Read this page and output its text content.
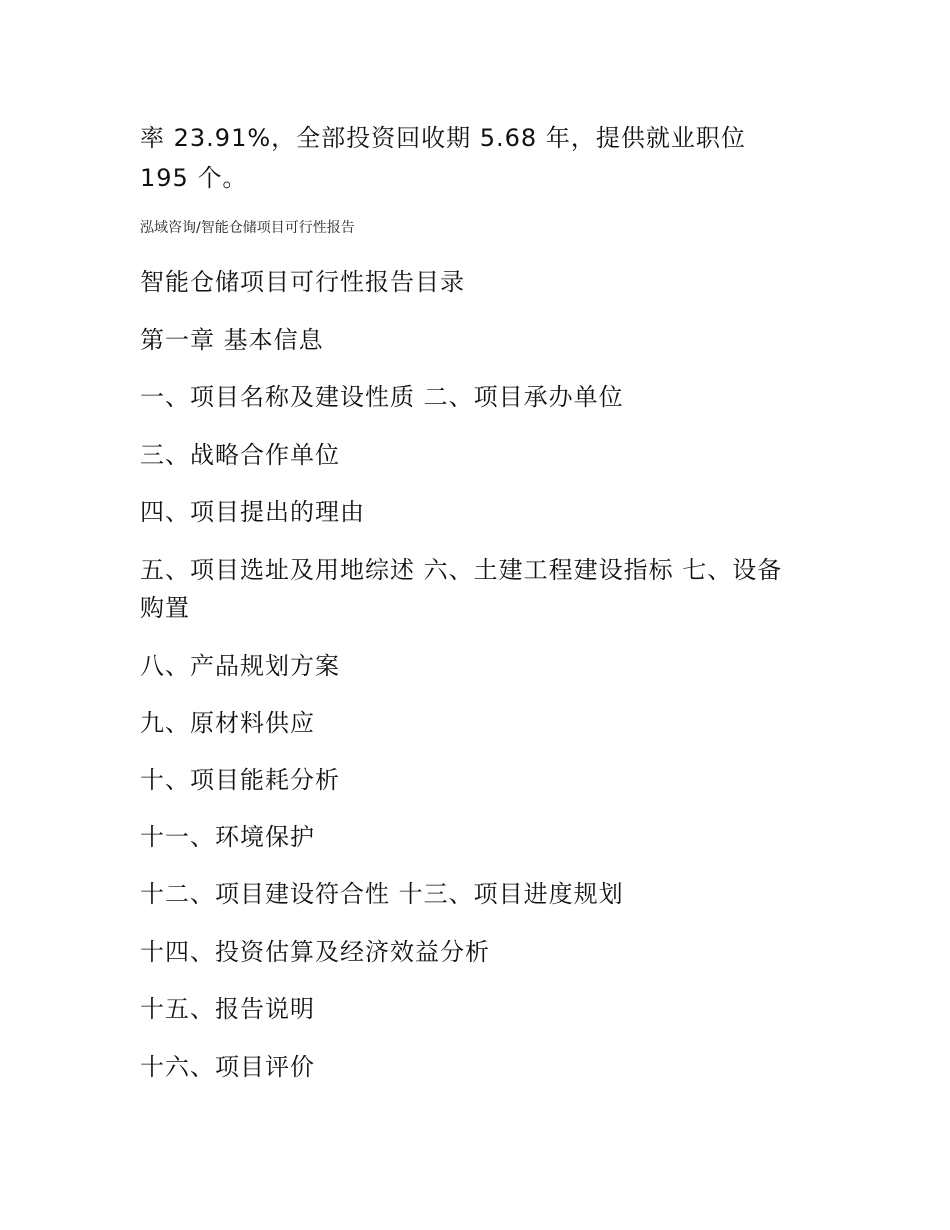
率 23.91%，全部投资回收期 5.68 年，提供就业职位
195 个。
泓域咨询/智能仓储项目可行性报告
智能仓储项目可行性报告目录
第一章 基本信息
一、项目名称及建设性质 二、项目承办单位
三、战略合作单位
四、项目提出的理由
五、项目选址及用地综述 六、土建工程建设指标 七、设备
购置
八、产品规划方案
九、原材料供应
十、项目能耗分析
十一、环境保护
十二、项目建设符合性 十三、项目进度规划
十四、投资估算及经济效益分析
十五、报告说明
十六、项目评价
